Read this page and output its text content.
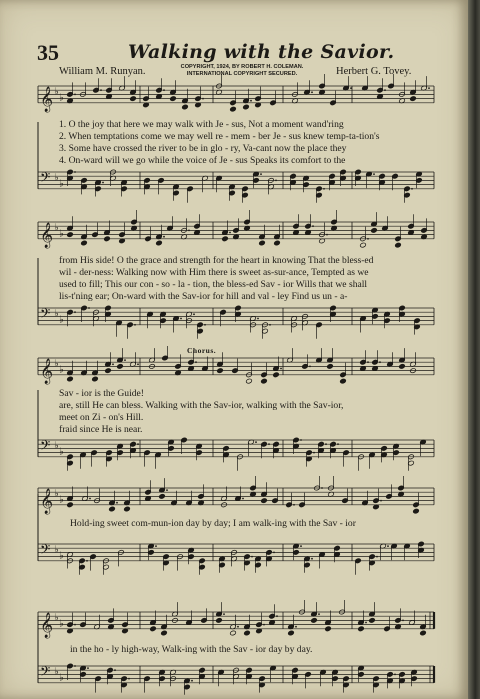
35	Walking with the Savior.
William M. Runyan.	COPYRIGHT, 1924, BY ROBERT H. COLEMAN.
INTERNATIONAL COPYRIGHT SECURED.	Herbert G. Tovey.
𝄞 ♭
♭
𝄢 ♭
♭
𝄞 ♭
♭
𝄢 ♭
♭
𝄞 ♭
♭
𝄢 ♭
♭
𝄞 ♭
♭
𝄢 ♭
♭
𝄞 ♭
♭
𝄢 ♭
♭
1. O the joy that here we may walk with Je - sus, Not a moment wand'ring
2. When temptations come we may well re - mem - ber Je - sus knew temp-ta-tion's
3. Some have crossed the river to be in glo - ry, Va-cant now the place they
4. On-ward will we go while the voice of Je - sus Speaks its comfort to the
from His side! O the grace and strength for the heart in knowing That the bless-ed
wil - der-ness: Walking now with Him there is sweet as-sur-ance, Tempted as we
used to fill; This our con - so - la - tion, the bless-ed Sav - ior Wills that we shall
lis-t'ning ear; On-ward with the Sav-ior for hill and val - ley Find us un - a-
Chorus.
Sav - ior is the Guide!
are, still He can bless. Walking with the Sav-ior, walking with the Sav-ior,
meet on Zi - on's Hill.
fraid since He is near.
Hold-ing sweet com-mun-ion day by day; I am walk-ing with the Sav - ior
in the ho - ly high-way, Walk-ing with the Sav - ior day by day.
